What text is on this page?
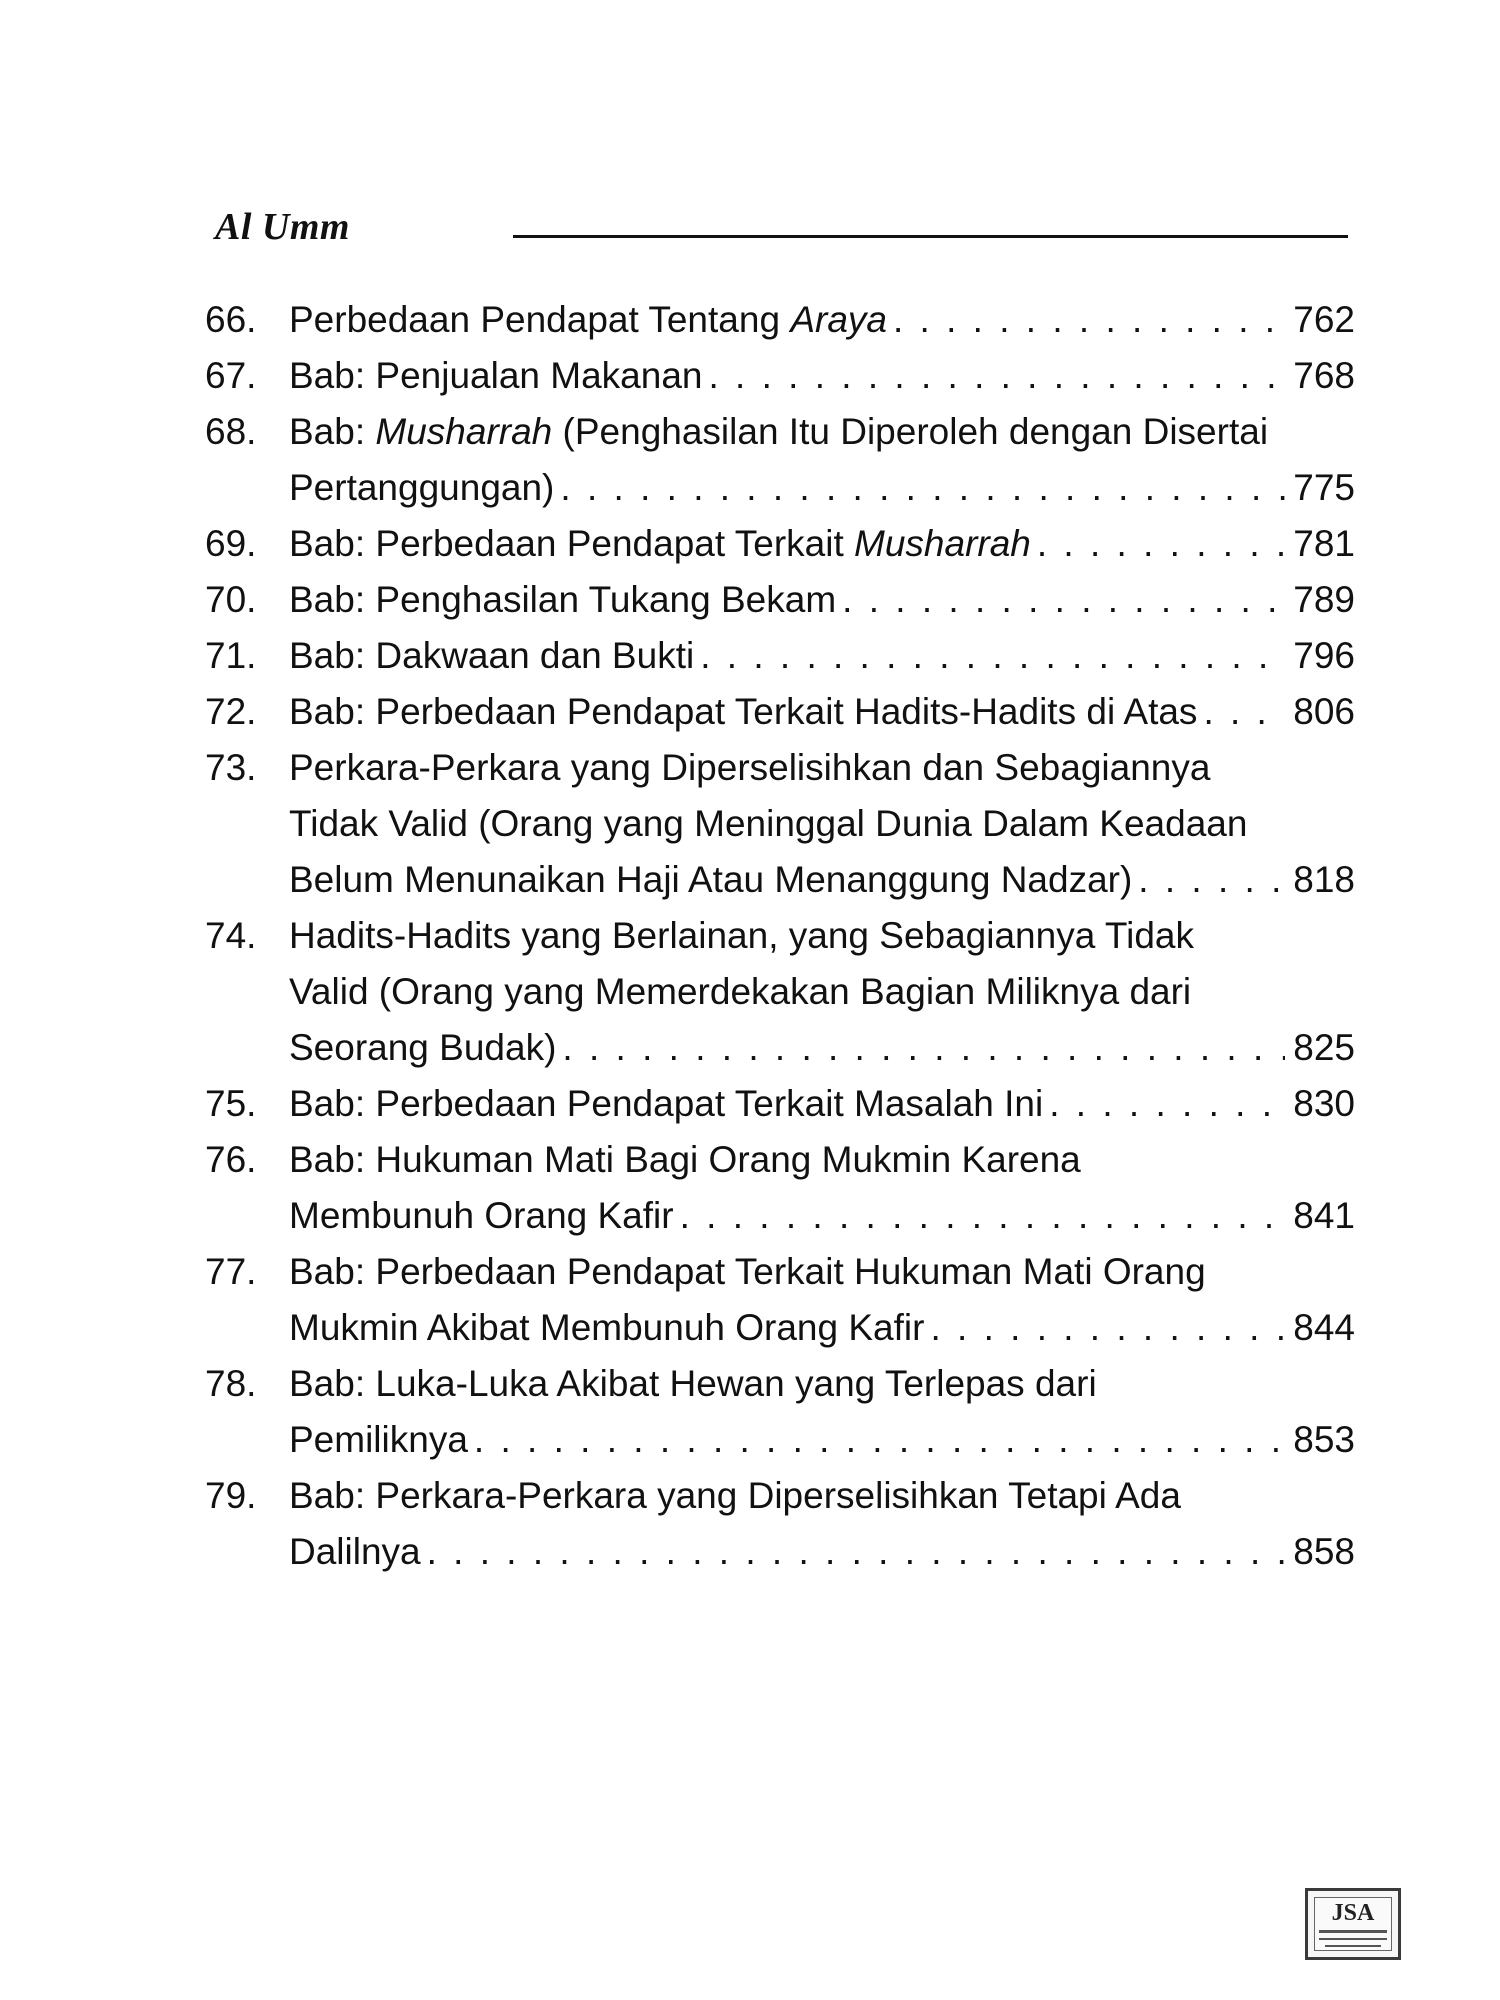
Al Umm
66. Perbedaan Pendapat Tentang Araya . . .	762
67. Bab: Penjualan Makanan . . .	768
68. Bab: Musharrah (Penghasilan Itu Diperoleh dengan Disertai
Pertanggungan) . . .	775
69. Bab: Perbedaan Pendapat Terkait Musharrah . . .	781
70. Bab: Penghasilan Tukang Bekam . . .	789
71. Bab: Dakwaan dan Bukti . . .	796
72. Bab: Perbedaan Pendapat Terkait Hadits-Hadits di Atas . . .	806
73. Perkara-Perkara yang Diperselisihkan dan Sebagiannya
Tidak Valid (Orang yang Meninggal Dunia Dalam Keadaan
Belum Menunaikan Haji Atau Menanggung Nadzar) . . .	818
74. Hadits-Hadits yang Berlainan, yang Sebagiannya Tidak
Valid (Orang yang Memerdekakan Bagian Miliknya dari
Seorang Budak) . . .	825
75. Bab: Perbedaan Pendapat Terkait Masalah Ini . . .	830
76. Bab: Hukuman Mati Bagi Orang Mukmin Karena
Membunuh Orang Kafir . . .	841
77. Bab: Perbedaan Pendapat Terkait Hukuman Mati Orang
Mukmin Akibat Membunuh Orang Kafir . . .	844
78. Bab: Luka-Luka Akibat Hewan yang Terlepas dari
Pemiliknya . . .	853
79. Bab: Perkara-Perkara yang Diperselisihkan Tetapi Ada
Dalilnya . . .	858
JSA
